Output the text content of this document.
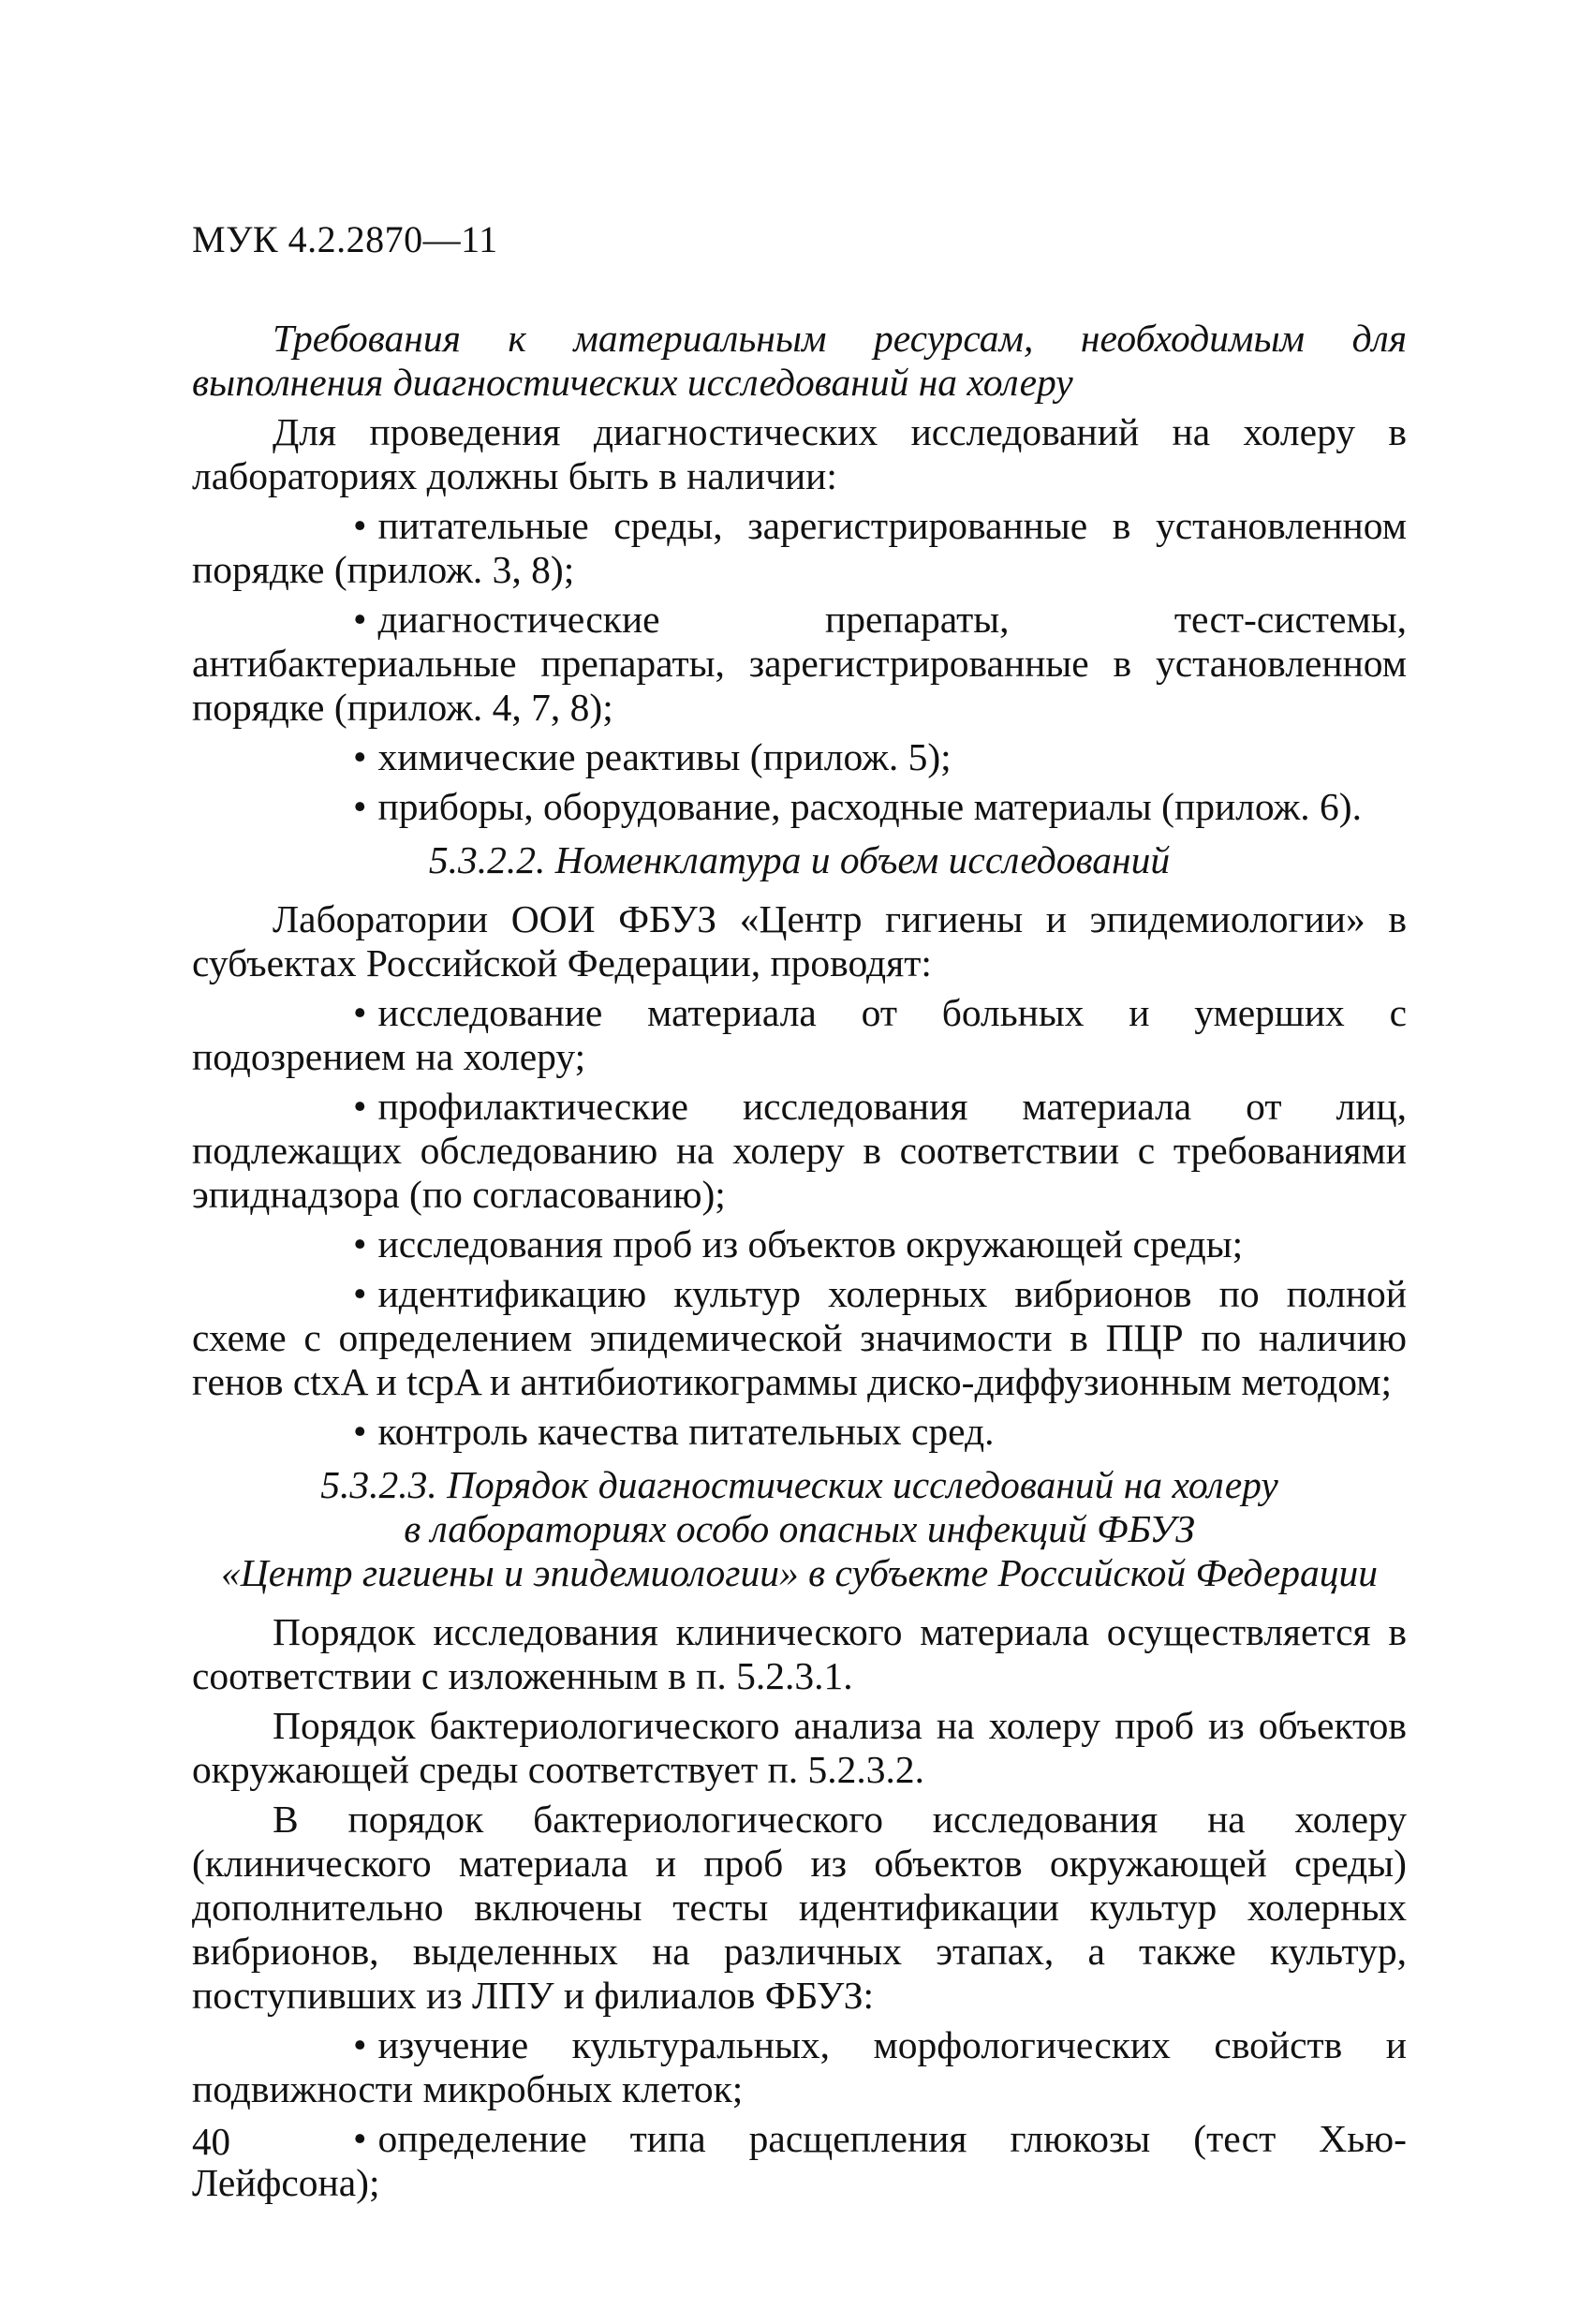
МУК 4.2.2870—11

Требования к материальным ресурсам, необходимым для выполнения диагностических исследований на холеру

Для проведения диагностических исследований на холеру в лабораториях должны быть в наличии:

• питательные среды, зарегистрированные в установленном порядке (прилож. 3, 8);

• диагностические препараты, тест-системы, антибактериальные препараты, зарегистрированные в установленном порядке (прилож. 4, 7, 8);

• химические реактивы (прилож. 5);

• приборы, оборудование, расходные материалы (прилож. 6).

5.3.2.2. Номенклатура и объем исследований

Лаборатории ООИ ФБУЗ «Центр гигиены и эпидемиологии» в субъектах Российской Федерации, проводят:

• исследование материала от больных и умерших с подозрением на холеру;

• профилактические исследования материала от лиц, подлежащих обследованию на холеру в соответствии с требованиями эпиднадзора (по согласованию);

• исследования проб из объектов окружающей среды;

• идентификацию культур холерных вибрионов по полной схеме с определением эпидемической значимости в ПЦР по наличию генов ctxA и tcpA и антибиотикограммы диско-диффузионным методом;

• контроль качества питательных сред.

5.3.2.3. Порядок диагностических исследований на холеру
в лабораториях особо опасных инфекций ФБУЗ
«Центр гигиены и эпидемиологии» в субъекте Российской Федерации

Порядок исследования клинического материала осуществляется в соответствии с изложенным в п. 5.2.3.1.

Порядок бактериологического анализа на холеру проб из объектов окружающей среды соответствует п. 5.2.3.2.

В порядок бактериологического исследования на холеру (клинического материала и проб из объектов окружающей среды) дополнительно включены тесты идентификации культур холерных вибрионов, выделенных на различных этапах, а также культур, поступивших из ЛПУ и филиалов ФБУЗ:

• изучение культуральных, морфологических свойств и подвижности микробных клеток;

• определение типа расщепления глюкозы (тест Хью-Лейфсона);

40
